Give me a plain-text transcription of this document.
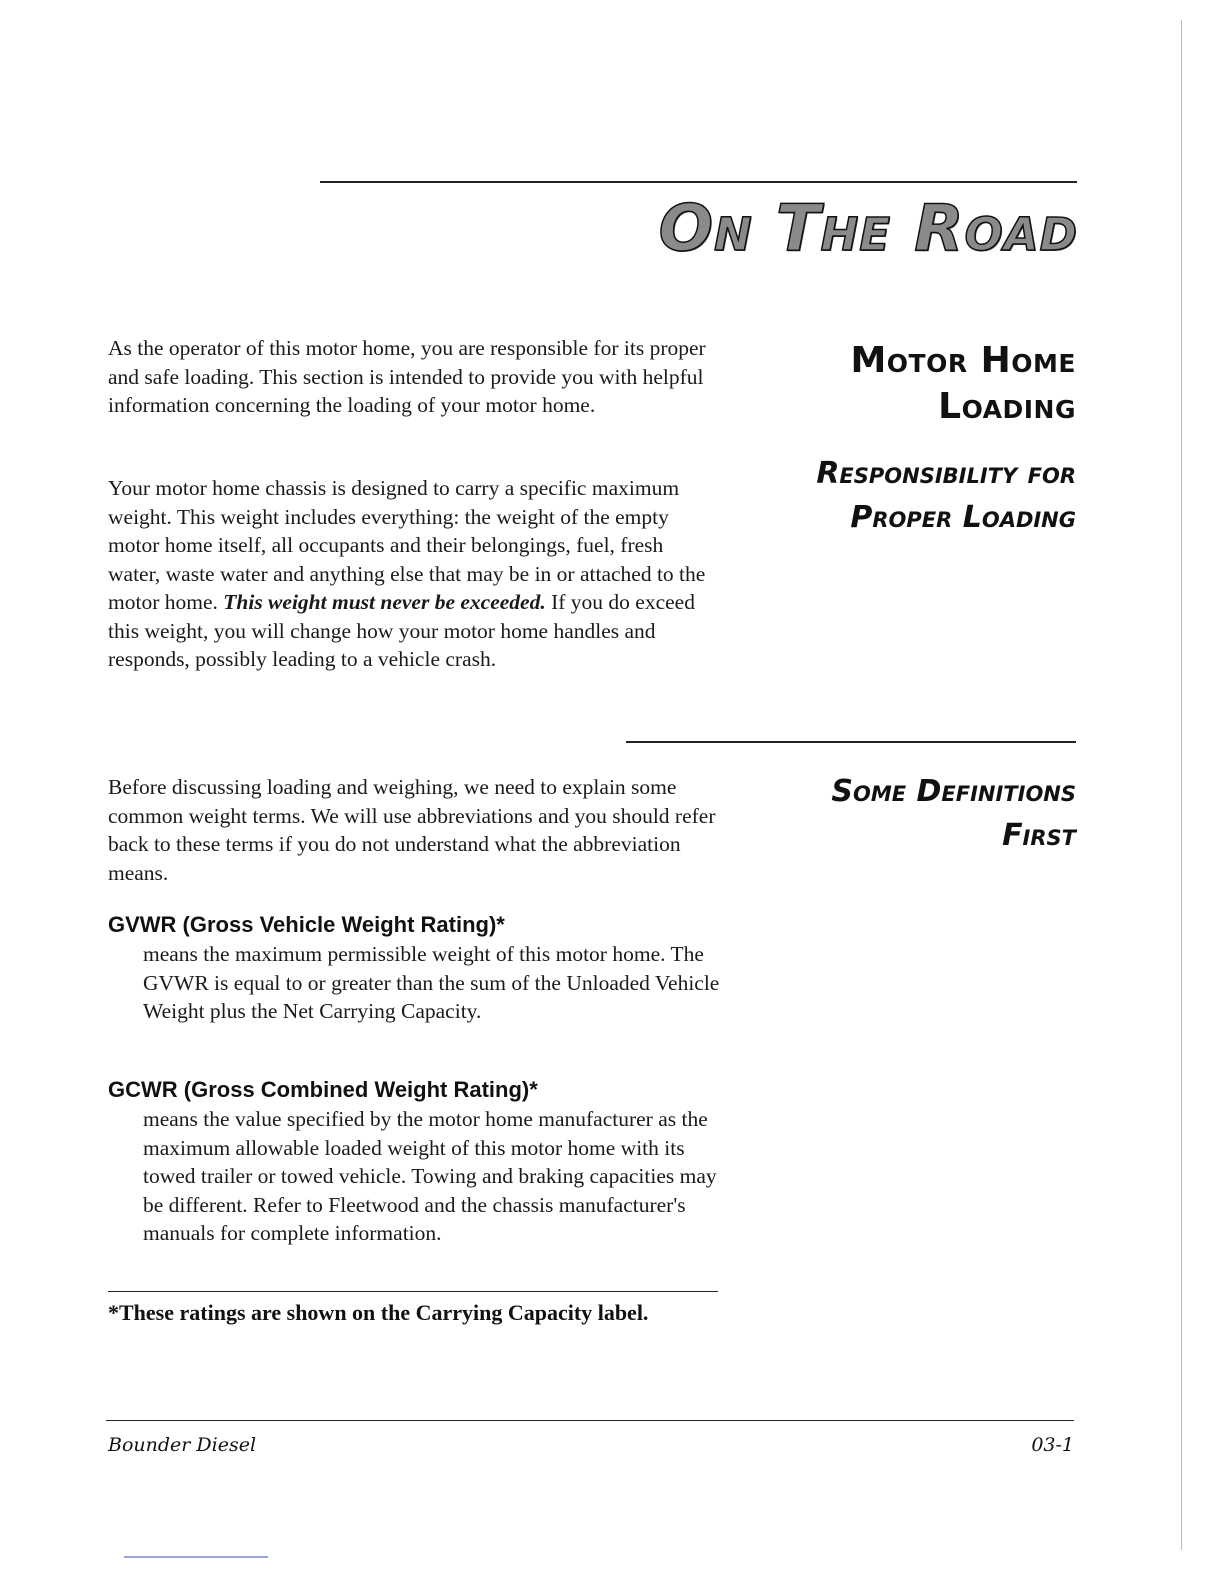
On The Road

As the operator of this motor home, you are responsible for its proper and safe loading. This section is intended to provide you with helpful information concerning the loading of your motor home.

Your motor home chassis is designed to carry a specific maximum weight. This weight includes everything: the weight of the empty motor home itself, all occupants and their belongings, fuel, fresh water, waste water and anything else that may be in or attached to the motor home. This weight must never be exceeded. If you do exceed this weight, you will change how your motor home handles and responds, possibly leading to a vehicle crash.

Motor Home Loading
Responsibility for
Proper Loading
Some Definitions
First

Before discussing loading and weighing, we need to explain some common weight terms. We will use abbreviations and you should refer back to these terms if you do not understand what the abbreviation means.

GVWR (Gross Vehicle Weight Rating)*

means the maximum permissible weight of this motor home. The GVWR is equal to or greater than the sum of the Unloaded Vehicle Weight plus the Net Carrying Capacity.

GCWR (Gross Combined Weight Rating)*

means the value specified by the motor home manufacturer as the maximum allowable loaded weight of this motor home with its towed trailer or towed vehicle. Towing and braking capacities may be different. Refer to Fleetwood and the chassis manufacturer's manuals for complete information.

*These ratings are shown on the Carrying Capacity label.

Bounder Diesel	03-1
